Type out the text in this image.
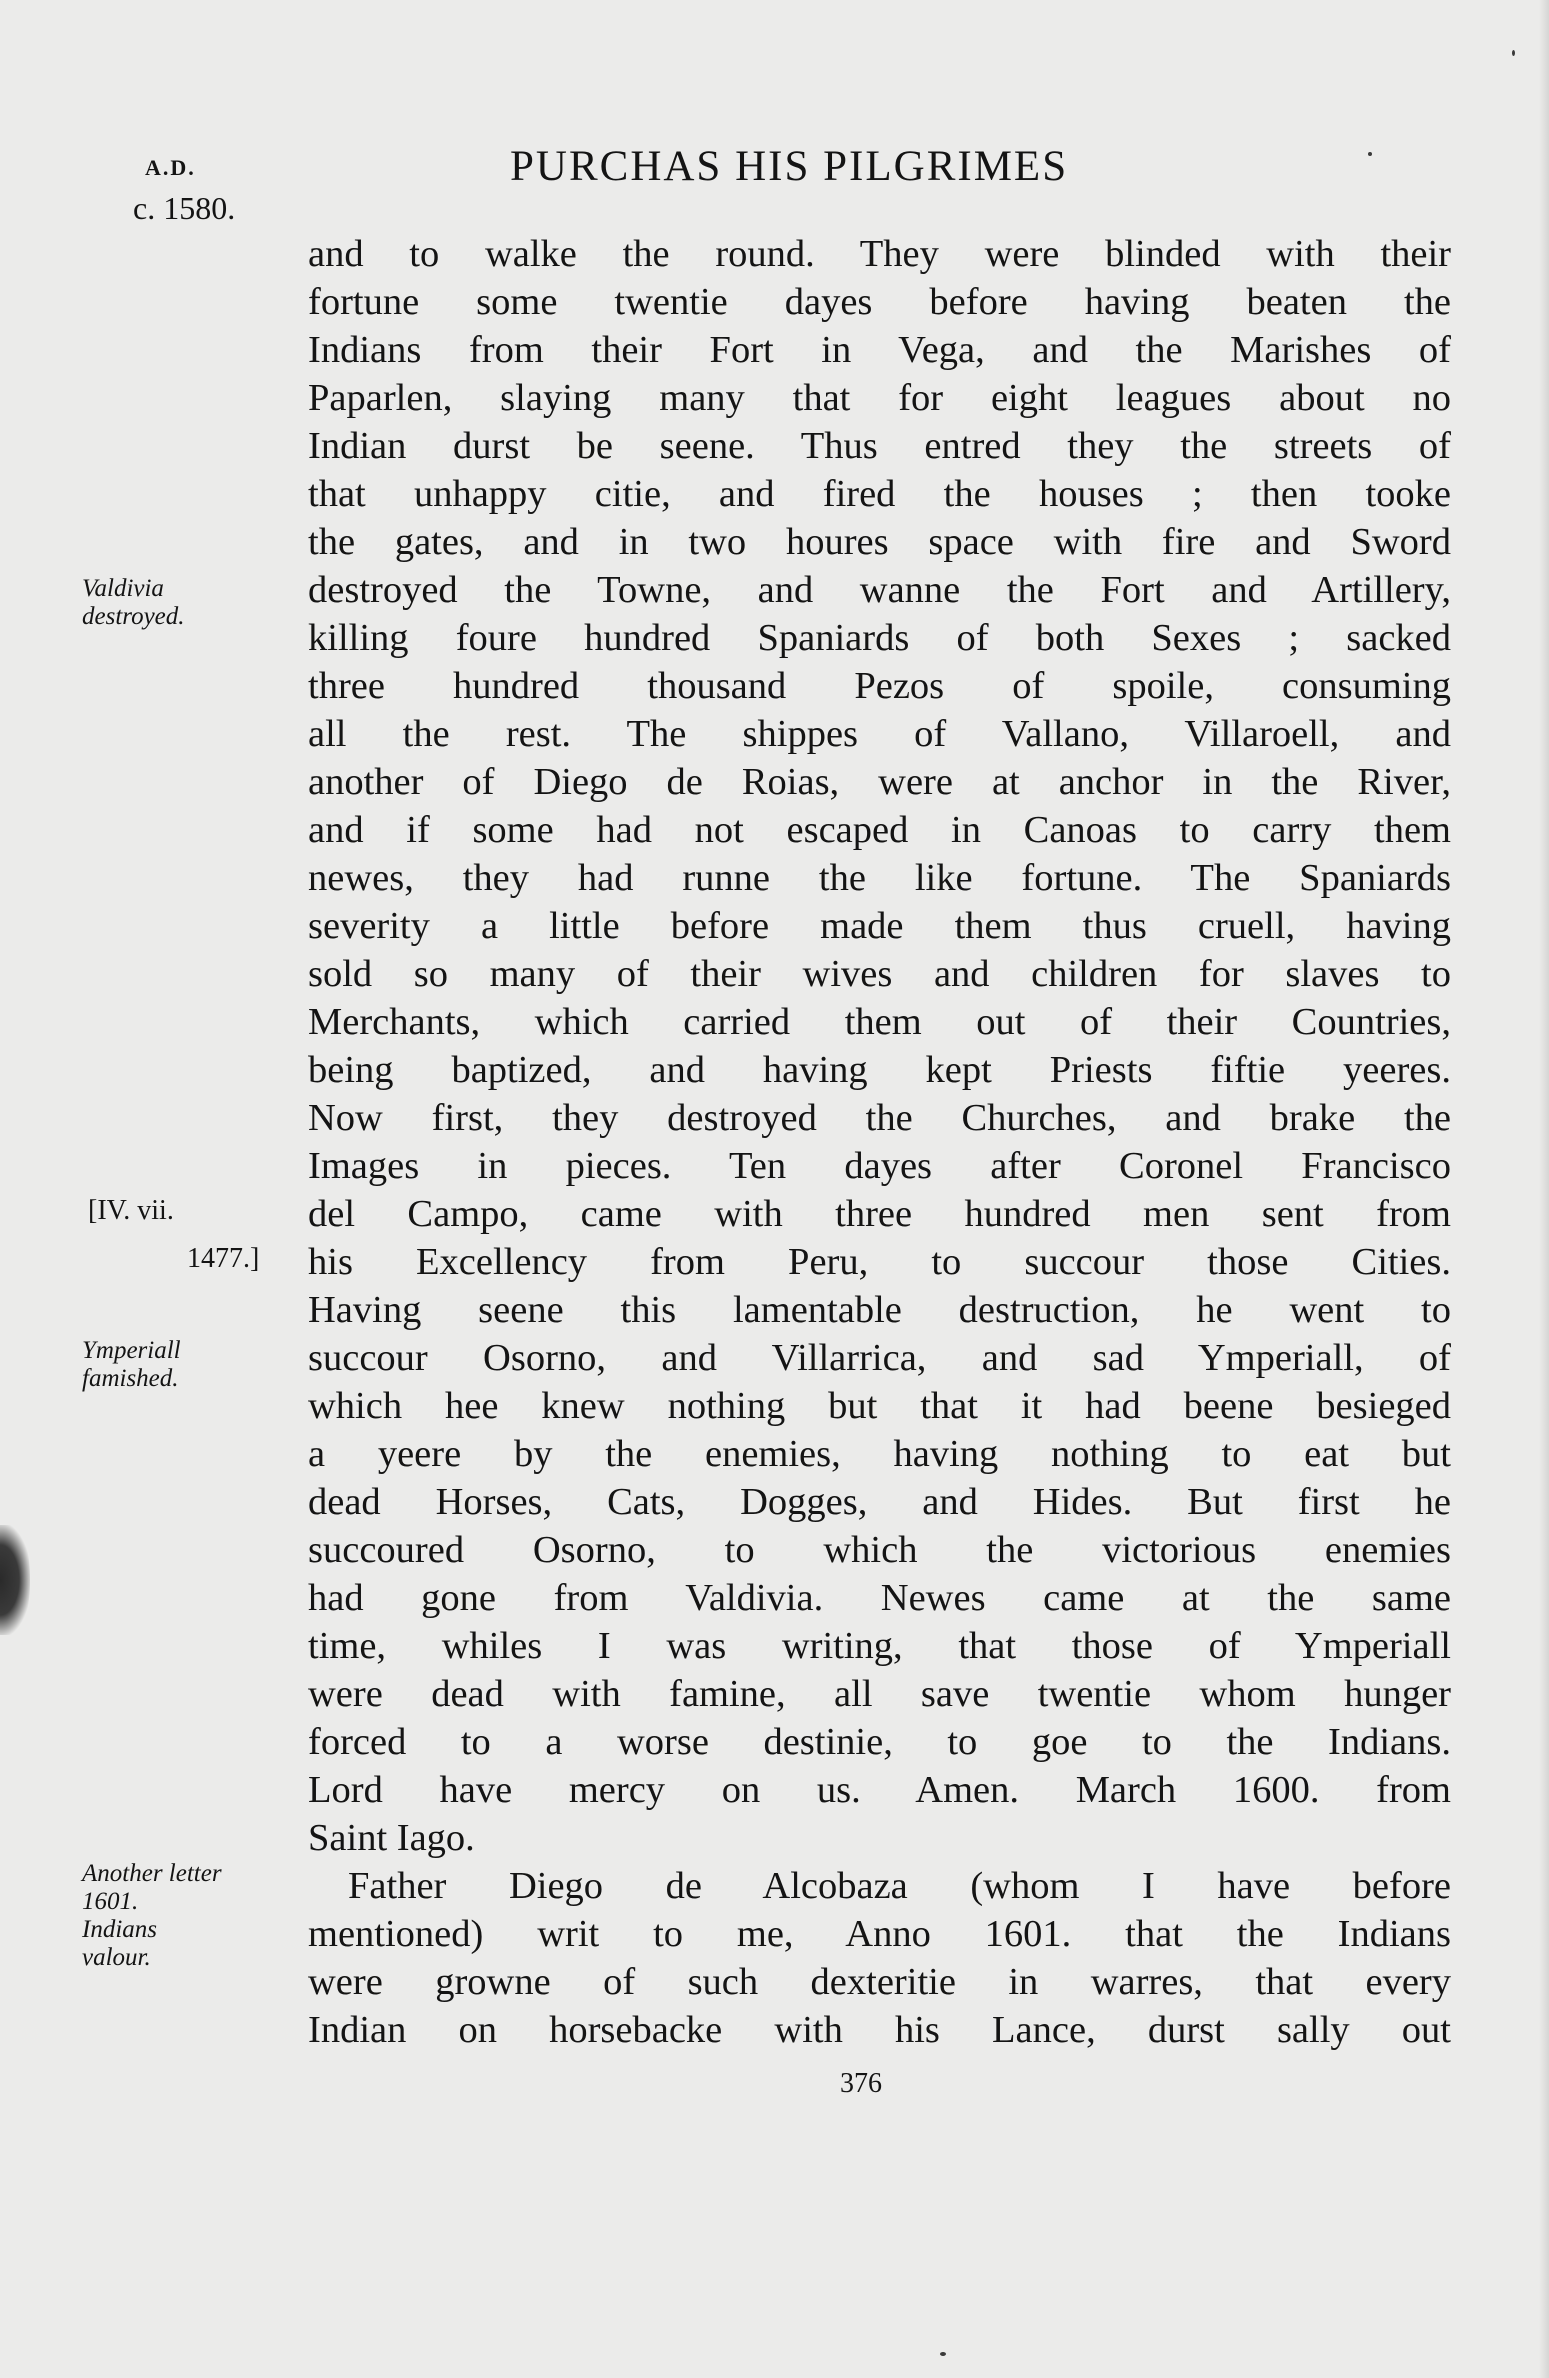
A.D.
c. 1580.
PURCHAS HIS PILGRIMES
Valdivia
destroyed.
[IV. vii.
1477.]
Ymperiall
famished.
Another letter
1601.
Indians
valour.
and to walke the round. They were blinded with their
fortune some twentie dayes before having beaten the
Indians from their Fort in Vega, and the Marishes of
Paparlen, slaying many that for eight leagues about no
Indian durst be seene. Thus entred they the streets of
that unhappy citie, and fired the houses ; then tooke
the gates, and in two houres space with fire and Sword
destroyed the Towne, and wanne the Fort and Artillery,
killing foure hundred Spaniards of both Sexes ; sacked
three hundred thousand Pezos of spoile, consuming
all the rest. The shippes of Vallano, Villaroell, and
another of Diego de Roias, were at anchor in the River,
and if some had not escaped in Canoas to carry them
newes, they had runne the like fortune. The Spaniards
severity a little before made them thus cruell, having
sold so many of their wives and children for slaves to
Merchants, which carried them out of their Countries,
being baptized, and having kept Priests fiftie yeeres.
Now first, they destroyed the Churches, and brake the
Images in pieces. Ten dayes after Coronel Francisco
del Campo, came with three hundred men sent from
his Excellency from Peru, to succour those Cities.
Having seene this lamentable destruction, he went to
succour Osorno, and Villarrica, and sad Ymperiall, of
which hee knew nothing but that it had beene besieged
a yeere by the enemies, having nothing to eat but
dead Horses, Cats, Dogges, and Hides. But first he
succoured Osorno, to which the victorious enemies
had gone from Valdivia. Newes came at the same
time, whiles I was writing, that those of Ymperiall
were dead with famine, all save twentie whom hunger
forced to a worse destinie, to goe to the Indians.
Lord have mercy on us. Amen. March 1600. from
Saint Iago.
Father Diego de Alcobaza (whom I have before
mentioned) writ to me, Anno 1601. that the Indians
were growne of such dexteritie in warres, that every
Indian on horsebacke with his Lance, durst sally out
376
